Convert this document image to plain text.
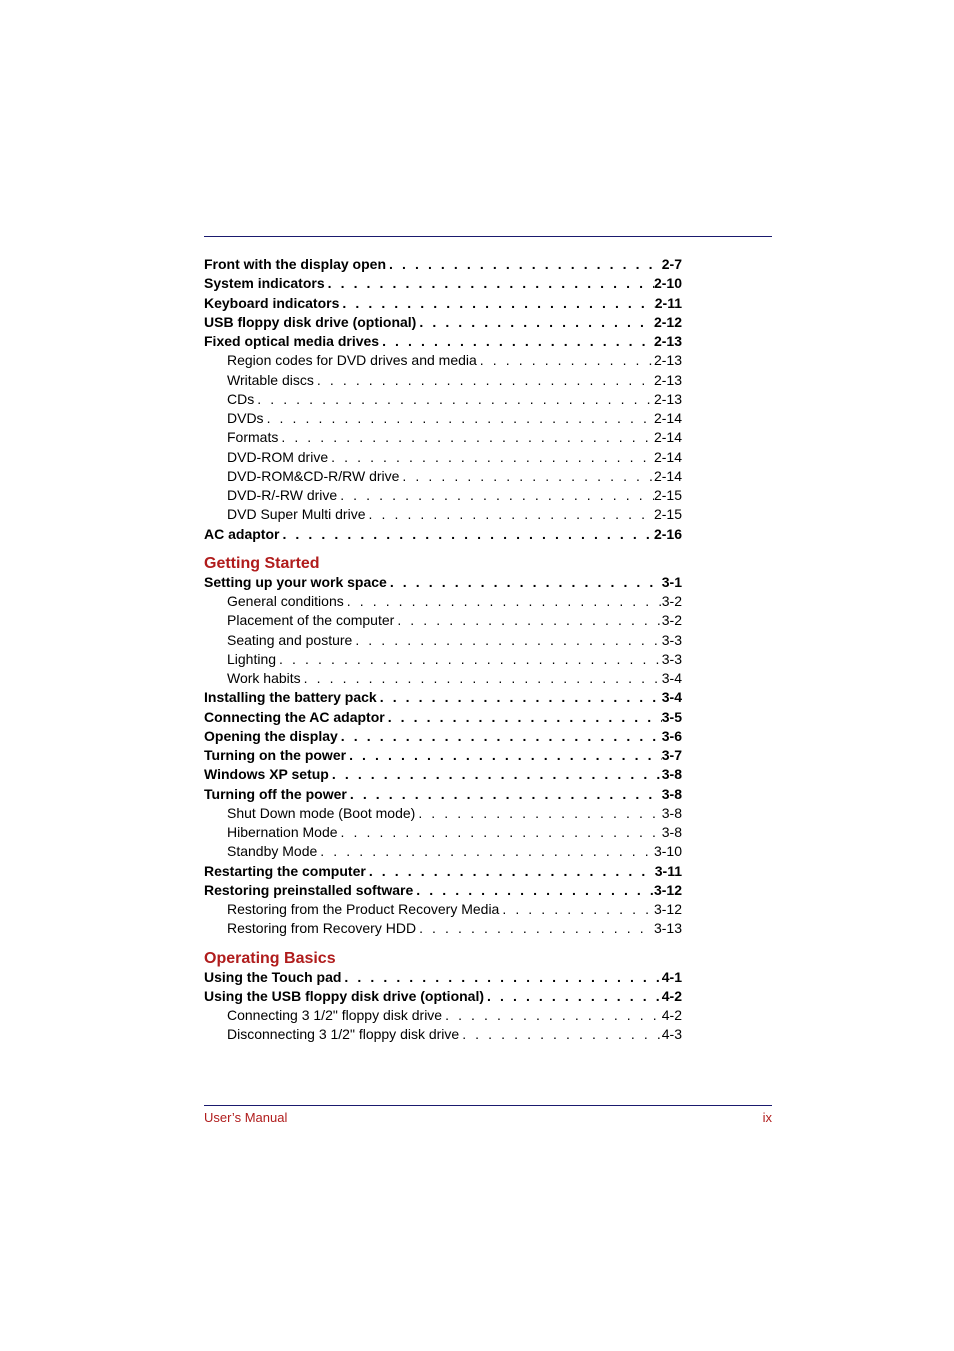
Front with the display open . . .	2-7
System indicators . . .	2-10
Keyboard indicators . . .	2-11
USB floppy disk drive (optional) . . .	2-12
Fixed optical media drives . . .	2-13
Region codes for DVD drives and media . . .	2-13
Writable discs . . .	2-13
CDs . . .	2-13
DVDs . . .	2-14
Formats . . .	2-14
DVD-ROM drive . . .	2-14
DVD-ROM&CD-R/RW drive . . .	2-14
DVD-R/-RW drive . . .	2-15
DVD Super Multi drive . . .	2-15
AC adaptor . . .	2-16
Getting Started
Setting up your work space . . .	3-1
General conditions . . .	3-2
Placement of the computer . . .	3-2
Seating and posture . . .	3-3
Lighting . . .	3-3
Work habits . . .	3-4
Installing the battery pack . . .	3-4
Connecting the AC adaptor . . .	3-5
Opening the display . . .	3-6
Turning on the power . . .	3-7
Windows XP setup . . .	3-8
Turning off the power . . .	3-8
Shut Down mode (Boot mode) . . .	3-8
Hibernation Mode . . .	3-8
Standby Mode . . .	3-10
Restarting the computer . . .	3-11
Restoring preinstalled software . . .	3-12
Restoring from the Product Recovery Media . . .	3-12
Restoring from Recovery HDD . . .	3-13
Operating Basics
Using the Touch pad . . .	4-1
Using the USB floppy disk drive (optional) . . .	4-2
Connecting 3 1/2" floppy disk drive . . .	4-2
Disconnecting 3 1/2" floppy disk drive . . .	4-3
User’s Manual	ix
